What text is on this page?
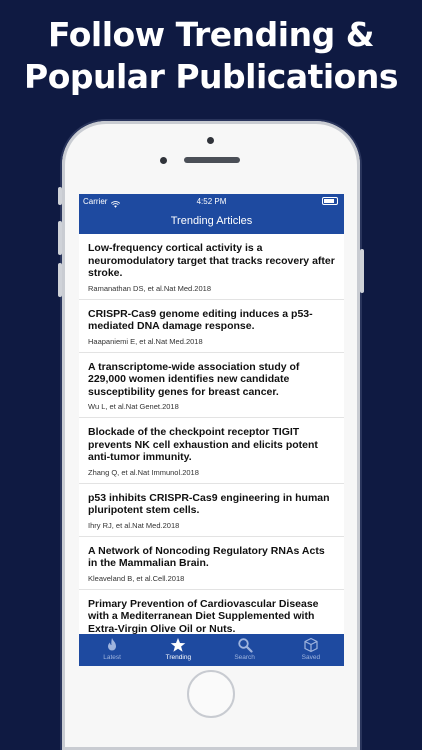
Follow Trending &
Popular Publications
Carrier	4:52 PM
Trending Articles
Low-frequency cortical activity is a neuromodulatory target that tracks recovery after stroke.
Ramanathan DS, et al.Nat Med.2018
CRISPR-Cas9 genome editing induces a p53-mediated DNA damage response.
Haapaniemi E, et al.Nat Med.2018
A transcriptome-wide association study of 229,000 women identifies new candidate susceptibility genes for breast cancer.
Wu L, et al.Nat Genet.2018
Blockade of the checkpoint receptor TIGIT prevents NK cell exhaustion and elicits potent anti-tumor immunity.
Zhang Q, et al.Nat Immunol.2018
p53 inhibits CRISPR-Cas9 engineering in human pluripotent stem cells.
Ihry RJ, et al.Nat Med.2018
A Network of Noncoding Regulatory RNAs Acts in the Mammalian Brain.
Kleaveland B, et al.Cell.2018
Primary Prevention of Cardiovascular Disease with a Mediterranean Diet Supplemented with Extra-Virgin Olive Oil or Nuts.
Latest	Trending	Search	Saved
